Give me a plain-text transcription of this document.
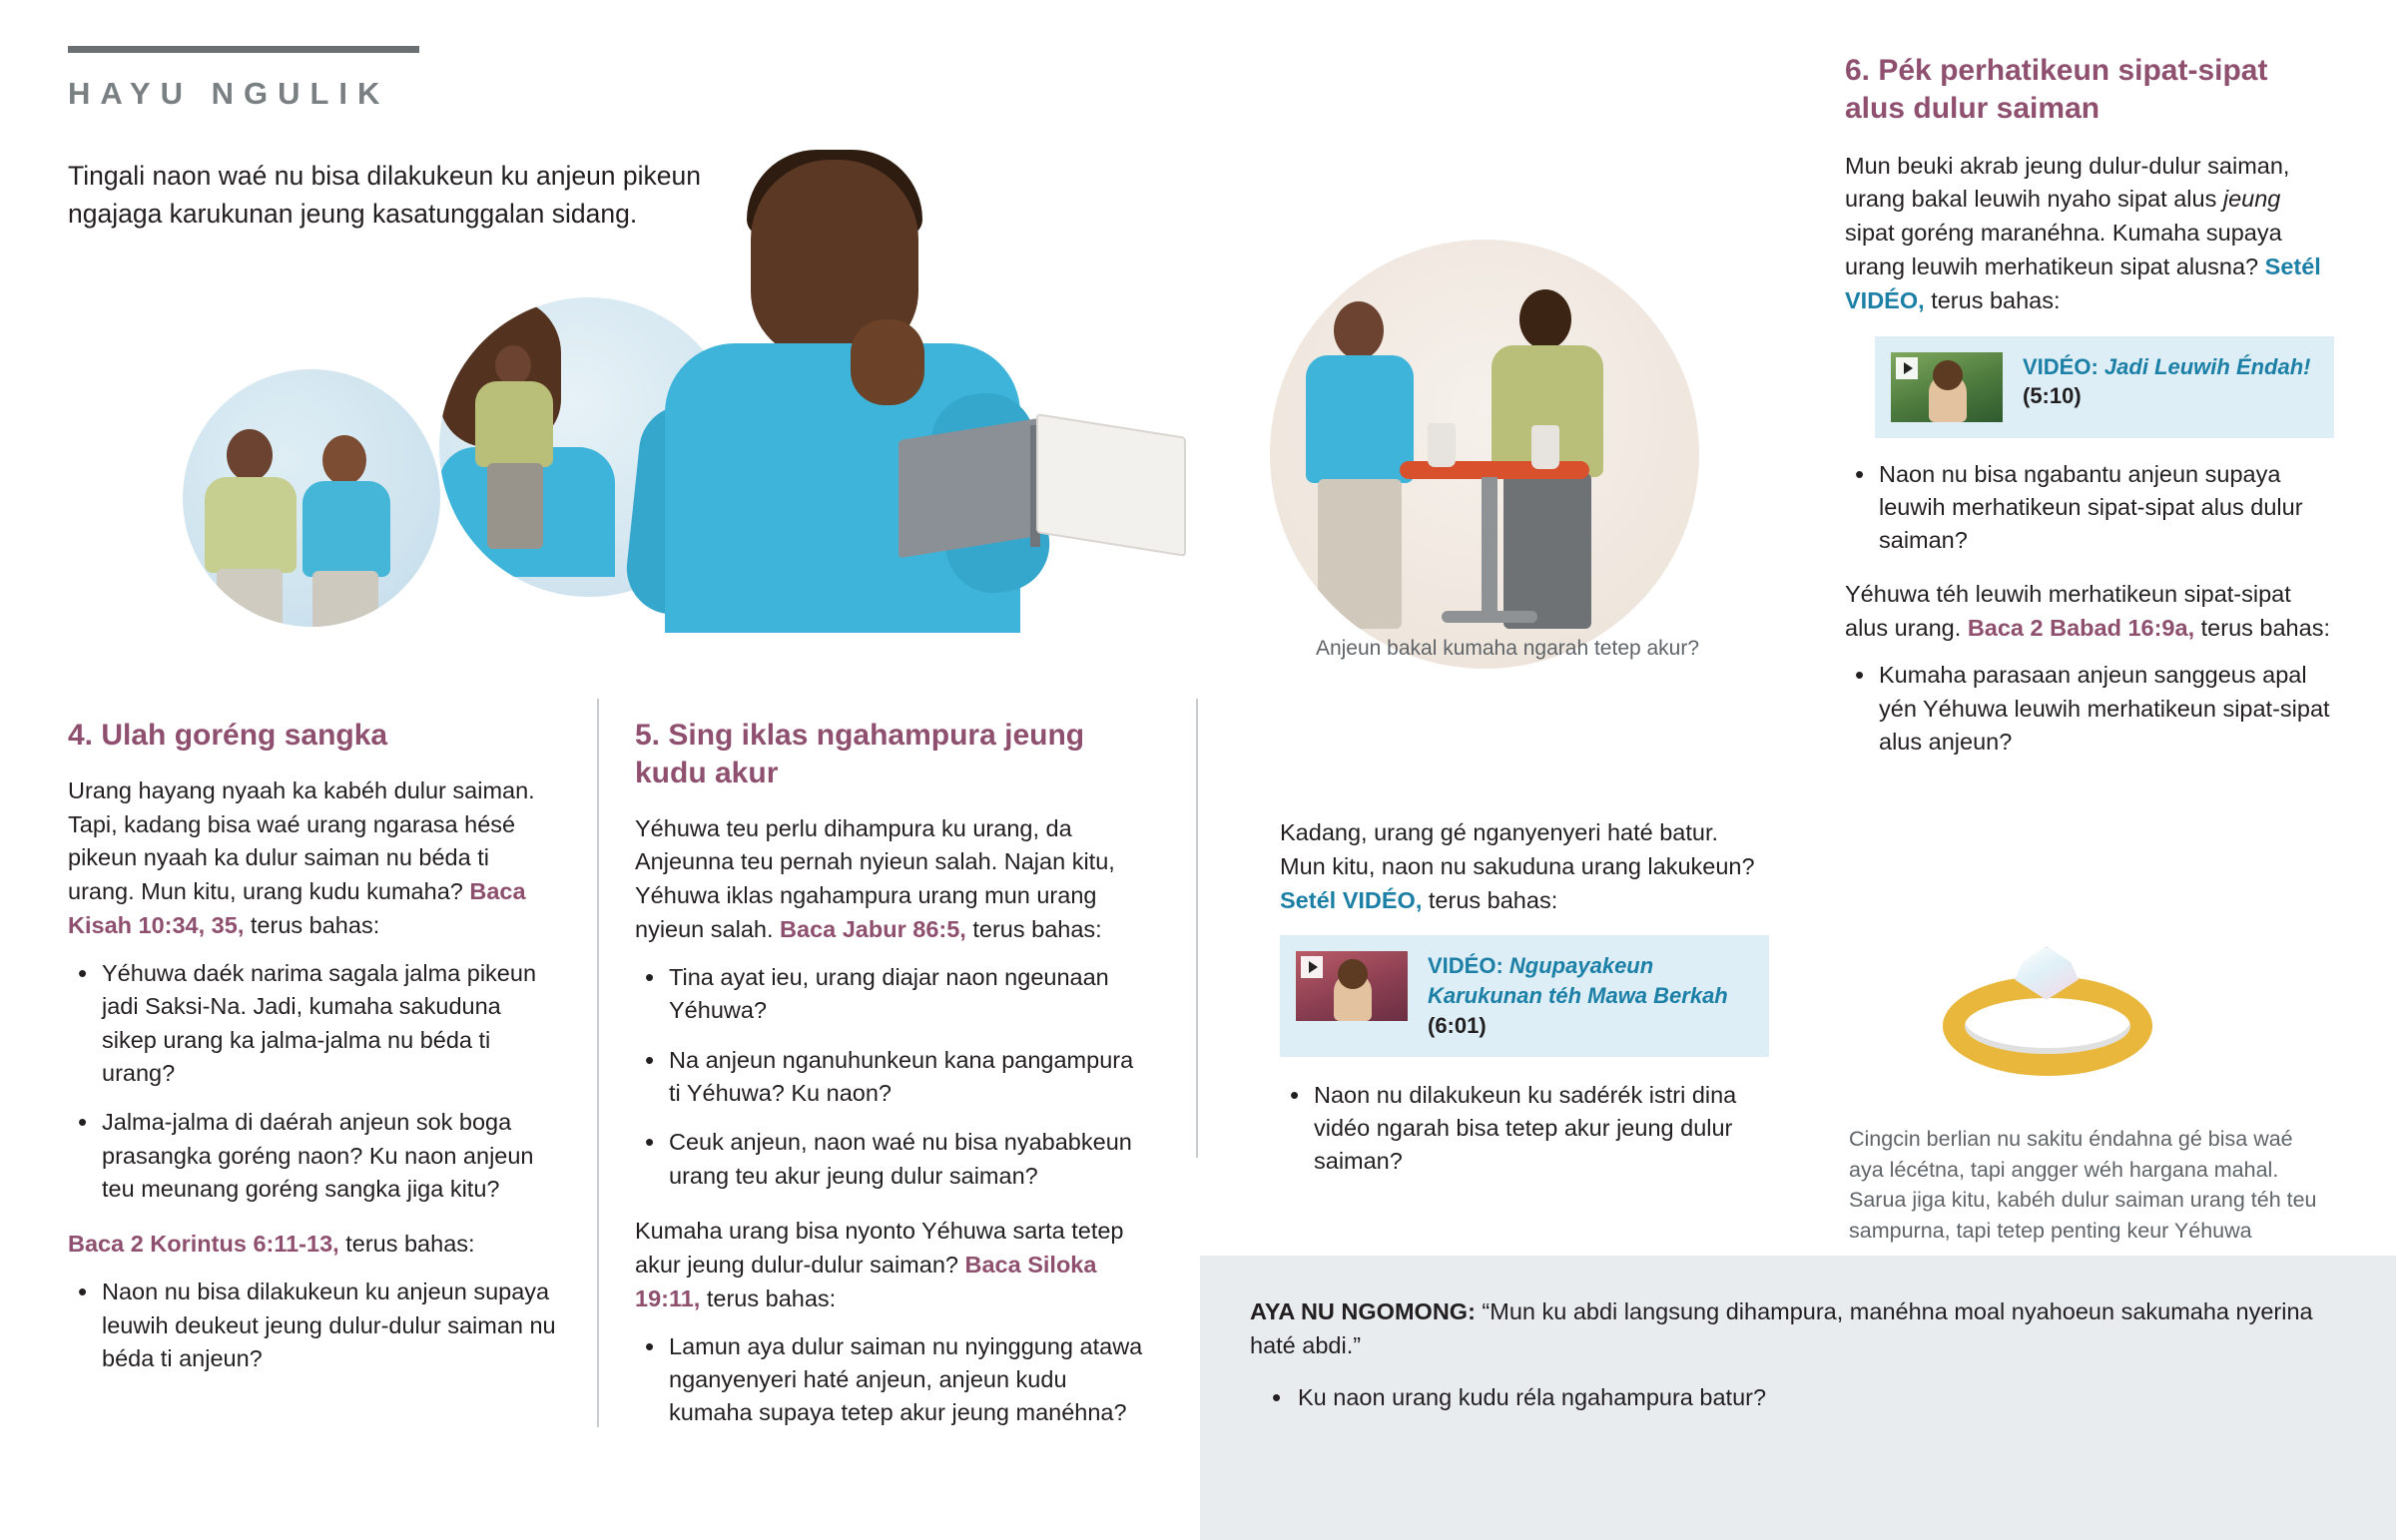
HAYU NGULIK
Tingali naon waé nu bisa dilakukeun ku anjeun pikeun ngajaga karukunan jeung kasatunggalan sidang.
Anjeun bakal kumaha ngarah tetep akur?
4. Ulah goréng sangka

Urang hayang nyaah ka kabéh dulur saiman. Tapi, kadang bisa waé urang ngarasa hésé pikeun nyaah ka dulur saiman nu béda ti urang. Mun kitu, urang kudu kumaha? Baca Kisah 10:34, 35, terus bahas:

• Yéhuwa daék narima sagala jalma pikeun jadi Saksi-Na. Jadi, kumaha sakuduna sikep urang ka jalma-jalma nu béda ti urang?
• Jalma-jalma di daérah anjeun sok boga prasangka goréng naon? Ku naon anjeun teu meunang goréng sangka jiga kitu?

Baca 2 Korintus 6:11-13, terus bahas:

• Naon nu bisa dilakukeun ku anjeun supaya leuwih deukeut jeung dulur-dulur saiman nu béda ti anjeun?
5. Sing iklas ngahampura jeung kudu akur

Yéhuwa teu perlu dihampura ku urang, da Anjeunna teu pernah nyieun salah. Najan kitu, Yéhuwa iklas ngahampura urang mun urang nyieun salah. Baca Jabur 86:5, terus bahas:

• Tina ayat ieu, urang diajar naon ngeunaan Yéhuwa?
• Na anjeun nganuhunkeun kana pangampura ti Yéhuwa? Ku naon?
• Ceuk anjeun, naon waé nu bisa nyababkeun urang teu akur jeung dulur saiman?

Kumaha urang bisa nyonto Yéhuwa sarta tetep akur jeung dulur-dulur saiman? Baca Siloka 19:11, terus bahas:

• Lamun aya dulur saiman nu nyinggung atawa nganyenyeri haté anjeun, anjeun kudu kumaha supaya tetep akur jeung manéhna?

Kadang, urang gé nganyenyeri haté batur. Mun kitu, naon nu sakuduna urang lakukeun? Setél VIDÉO, terus bahas:

VIDÉO: Ngupayakeun Karukunan téh Mawa Berkah
(6:01)
• Naon nu dilakukeun ku sadérék istri dina vidéo ngarah bisa tetep akur jeung dulur saiman?
6. Pék perhatikeun sipat-sipat alus dulur saiman

Mun beuki akrab jeung dulur-dulur saiman, urang bakal leuwih nyaho sipat alus jeung sipat goréng maranéhna. Kumaha supaya urang leuwih merhatikeun sipat alusna? Setél VIDÉO, terus bahas:

VIDÉO: Jadi Leuwih Éndah!
(5:10)
• Naon nu bisa ngabantu anjeun supaya leuwih merhatikeun sipat-sipat alus dulur saiman?

Yéhuwa téh leuwih merhatikeun sipat-sipat alus urang. Baca 2 Babad 16:9a, terus bahas:

• Kumaha parasaan anjeun sanggeus apal yén Yéhuwa leuwih merhatikeun sipat-sipat alus anjeun?
Cingcin berlian nu sakitu éndahna gé bisa waé aya lécétna, tapi angger wéh hargana mahal. Sarua jiga kitu, kabéh dulur saiman urang téh teu sampurna, tapi tetep penting keur Yéhuwa

AYA NU NGOMONG: “Mun ku abdi langsung dihampura, manéhna moal nyahoeun sakumaha nyerina haté abdi.”

• Ku naon urang kudu réla ngahampura batur?
